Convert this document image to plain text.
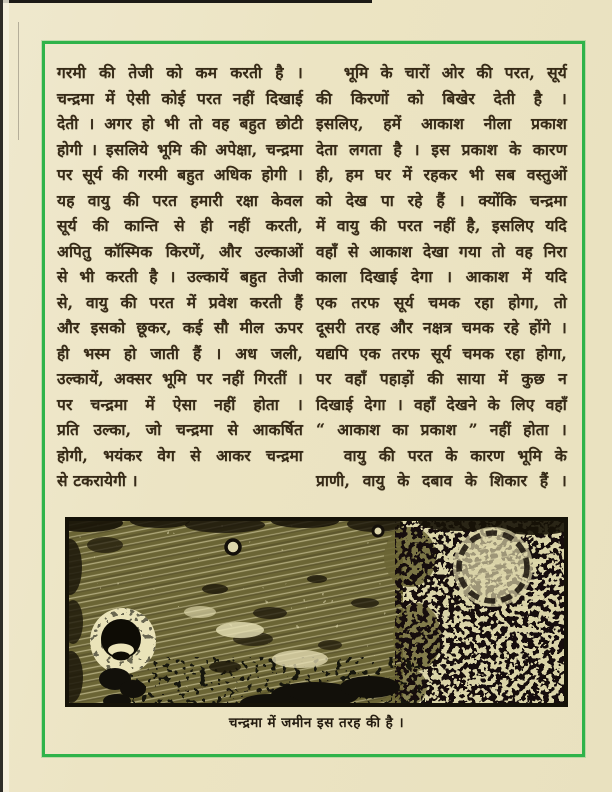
गरमी की तेजी को कम करती है ।
चन्द्रमा में ऐसी कोई परत नहीं दिखाई
देती । अगर हो भी तो वह बहुत छोटी
होगी । इसलिये भूमि की अपेक्षा, चन्द्रमा
पर सूर्य की गरमी बहुत अधिक होगी ।
यह वायु की परत हमारी रक्षा केवल
सूर्य की कान्ति से ही नहीं करती,
अपितु कॉस्मिक किरणें, और उल्काओं
से भी करती है । उल्कायें बहुत तेजी
से, वायु की परत में प्रवेश करती हैं
और इसको छूकर, कई सौ मील ऊपर
ही भस्म हो जाती हैं । अध जली,
उल्कायें, अक्सर भूमि पर नहीं गिरतीं ।
पर चन्द्रमा में ऐसा नहीं होता ।
प्रति उल्का, जो चन्द्रमा से आकर्षित
होगी, भयंकर वेग से आकर चन्द्रमा
से टकरायेगी ।
भूमि के चारों ओर की परत, सूर्य
की किरणों को बिखेर देती है ।
इसलिए, हमें आकाश नीला प्रकाश
देता लगता है । इस प्रकाश के कारण
ही, हम घर में रहकर भी सब वस्तुओं
को देख पा रहे हैं । क्योंकि चन्द्रमा
में वायु की परत नहीं है, इसलिए यदि
वहाँ से आकाश देखा गया तो वह निरा
काला दिखाई देगा । आकाश में यदि
एक तरफ सूर्य चमक रहा होगा, तो
दूसरी तरह और नक्षत्र चमक रहे होंगे ।
यद्यपि एक तरफ सूर्य चमक रहा होगा,
पर वहाँ पहाड़ों की साया में कुछ न
दिखाई देगा । वहाँ देखने के लिए वहाँ
“ आकाश का प्रकाश ” नहीं होता ।
वायु की परत के कारण भूमि के
प्राणी, वायु के दबाव के शिकार हैं ।
चन्द्रमा में जमीन इस तरह की है ।
